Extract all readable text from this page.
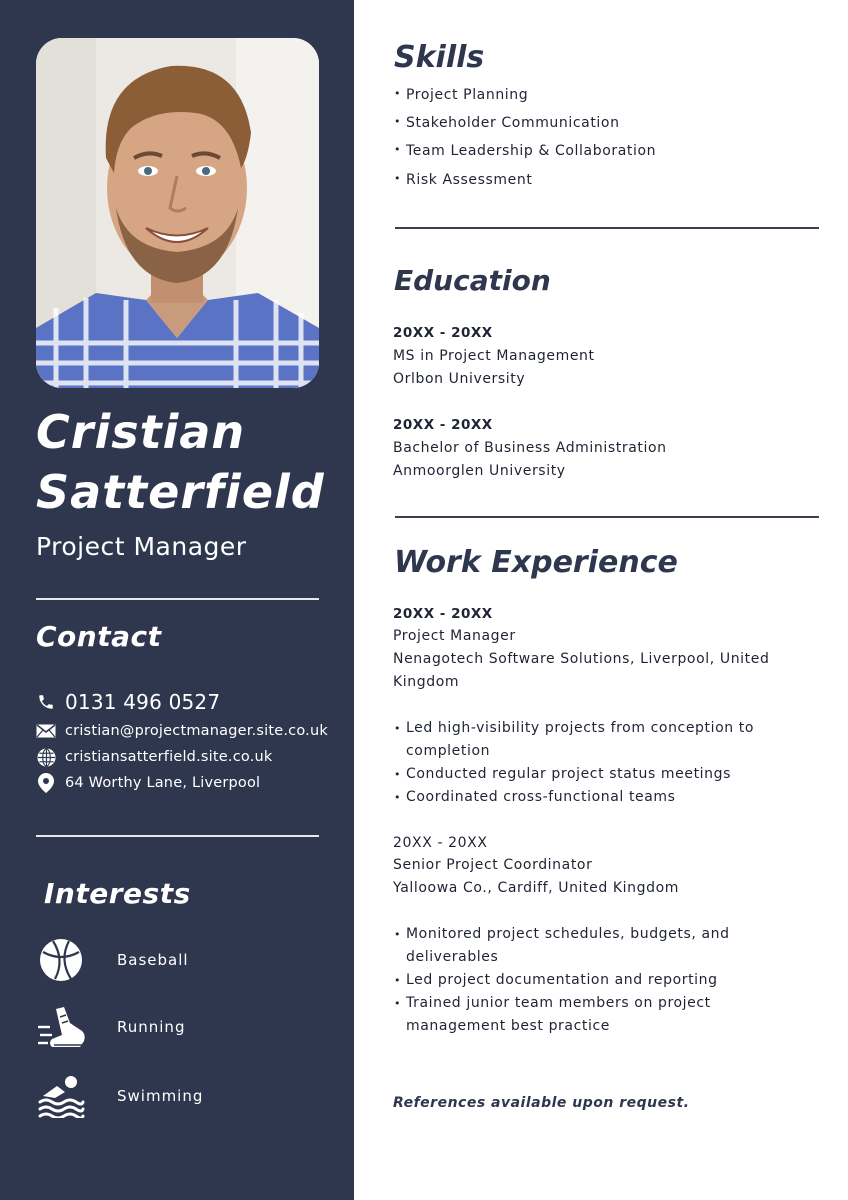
Cristian
Satterfield
Project Manager
Contact
0131 496 0527
cristian@projectmanager.site.co.uk
cristiansatterfield.site.co.uk
64 Worthy Lane, Liverpool
Interests
Baseball
Running
Swimming
Skills
• Project Planning
• Stakeholder Communication
• Team Leadership & Collaboration
• Risk Assessment
Education
20XX - 20XX
MS in Project Management
Orlbon University
20XX - 20XX
Bachelor of Business Administration
Anmoorglen University
Work Experience
20XX - 20XX
Project Manager
Nenagotech Software Solutions, Liverpool, United Kingdom
• Led high-visibility projects from conception to completion
• Conducted regular project status meetings
• Coordinated cross-functional teams
20XX - 20XX
Senior Project Coordinator
Yalloowa Co., Cardiff, United Kingdom
• Monitored project schedules, budgets, and deliverables
• Led project documentation and reporting
• Trained junior team members on project management best practice
References available upon request.
